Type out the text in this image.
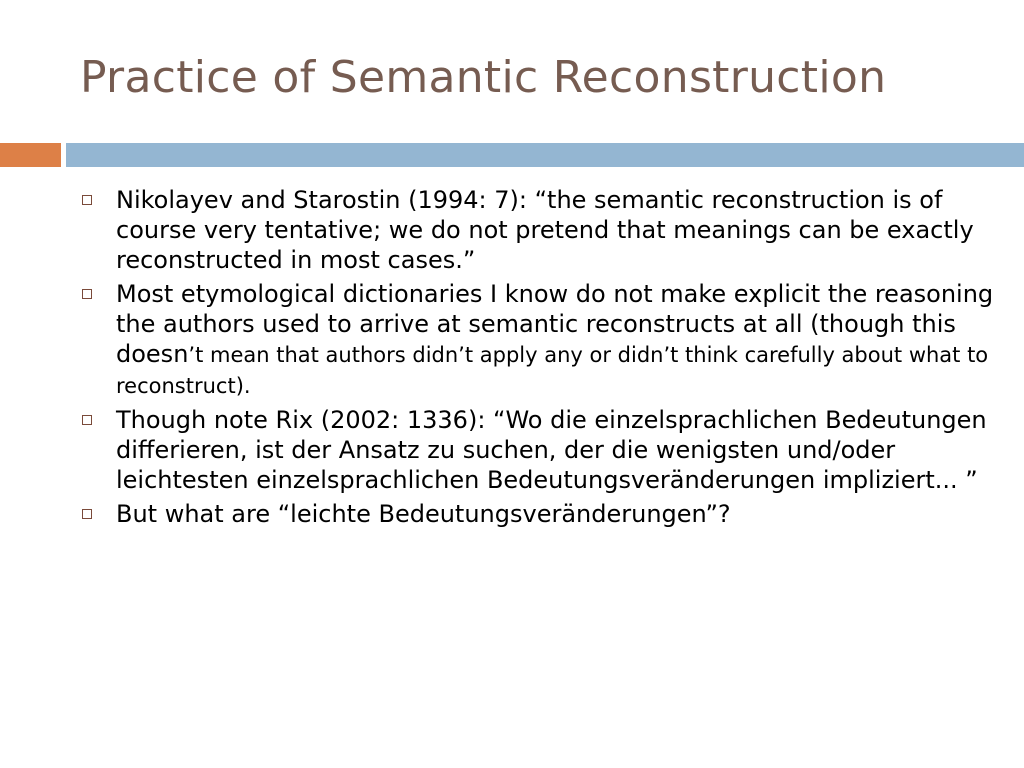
Practice of Semantic Reconstruction
Nikolayev and Starostin (1994: 7): “the semantic reconstruction is of course very tentative; we do not pretend that meanings can be exactly reconstructed in most cases.”
Most etymological dictionaries I know do not make explicit the reasoning the authors used to arrive at semantic reconstructs at all (though this doesn’t mean that authors didn’t apply any or didn’t think carefully about what to reconstruct).
Though note Rix (2002: 1336): “Wo die einzelsprachlichen Bedeutungen differieren, ist der Ansatz zu suchen, der die wenigsten und/oder leichtesten einzelsprachlichen Bedeutungsveränderungen impliziert... ”
But what are “leichte Bedeutungsveränderungen”?
